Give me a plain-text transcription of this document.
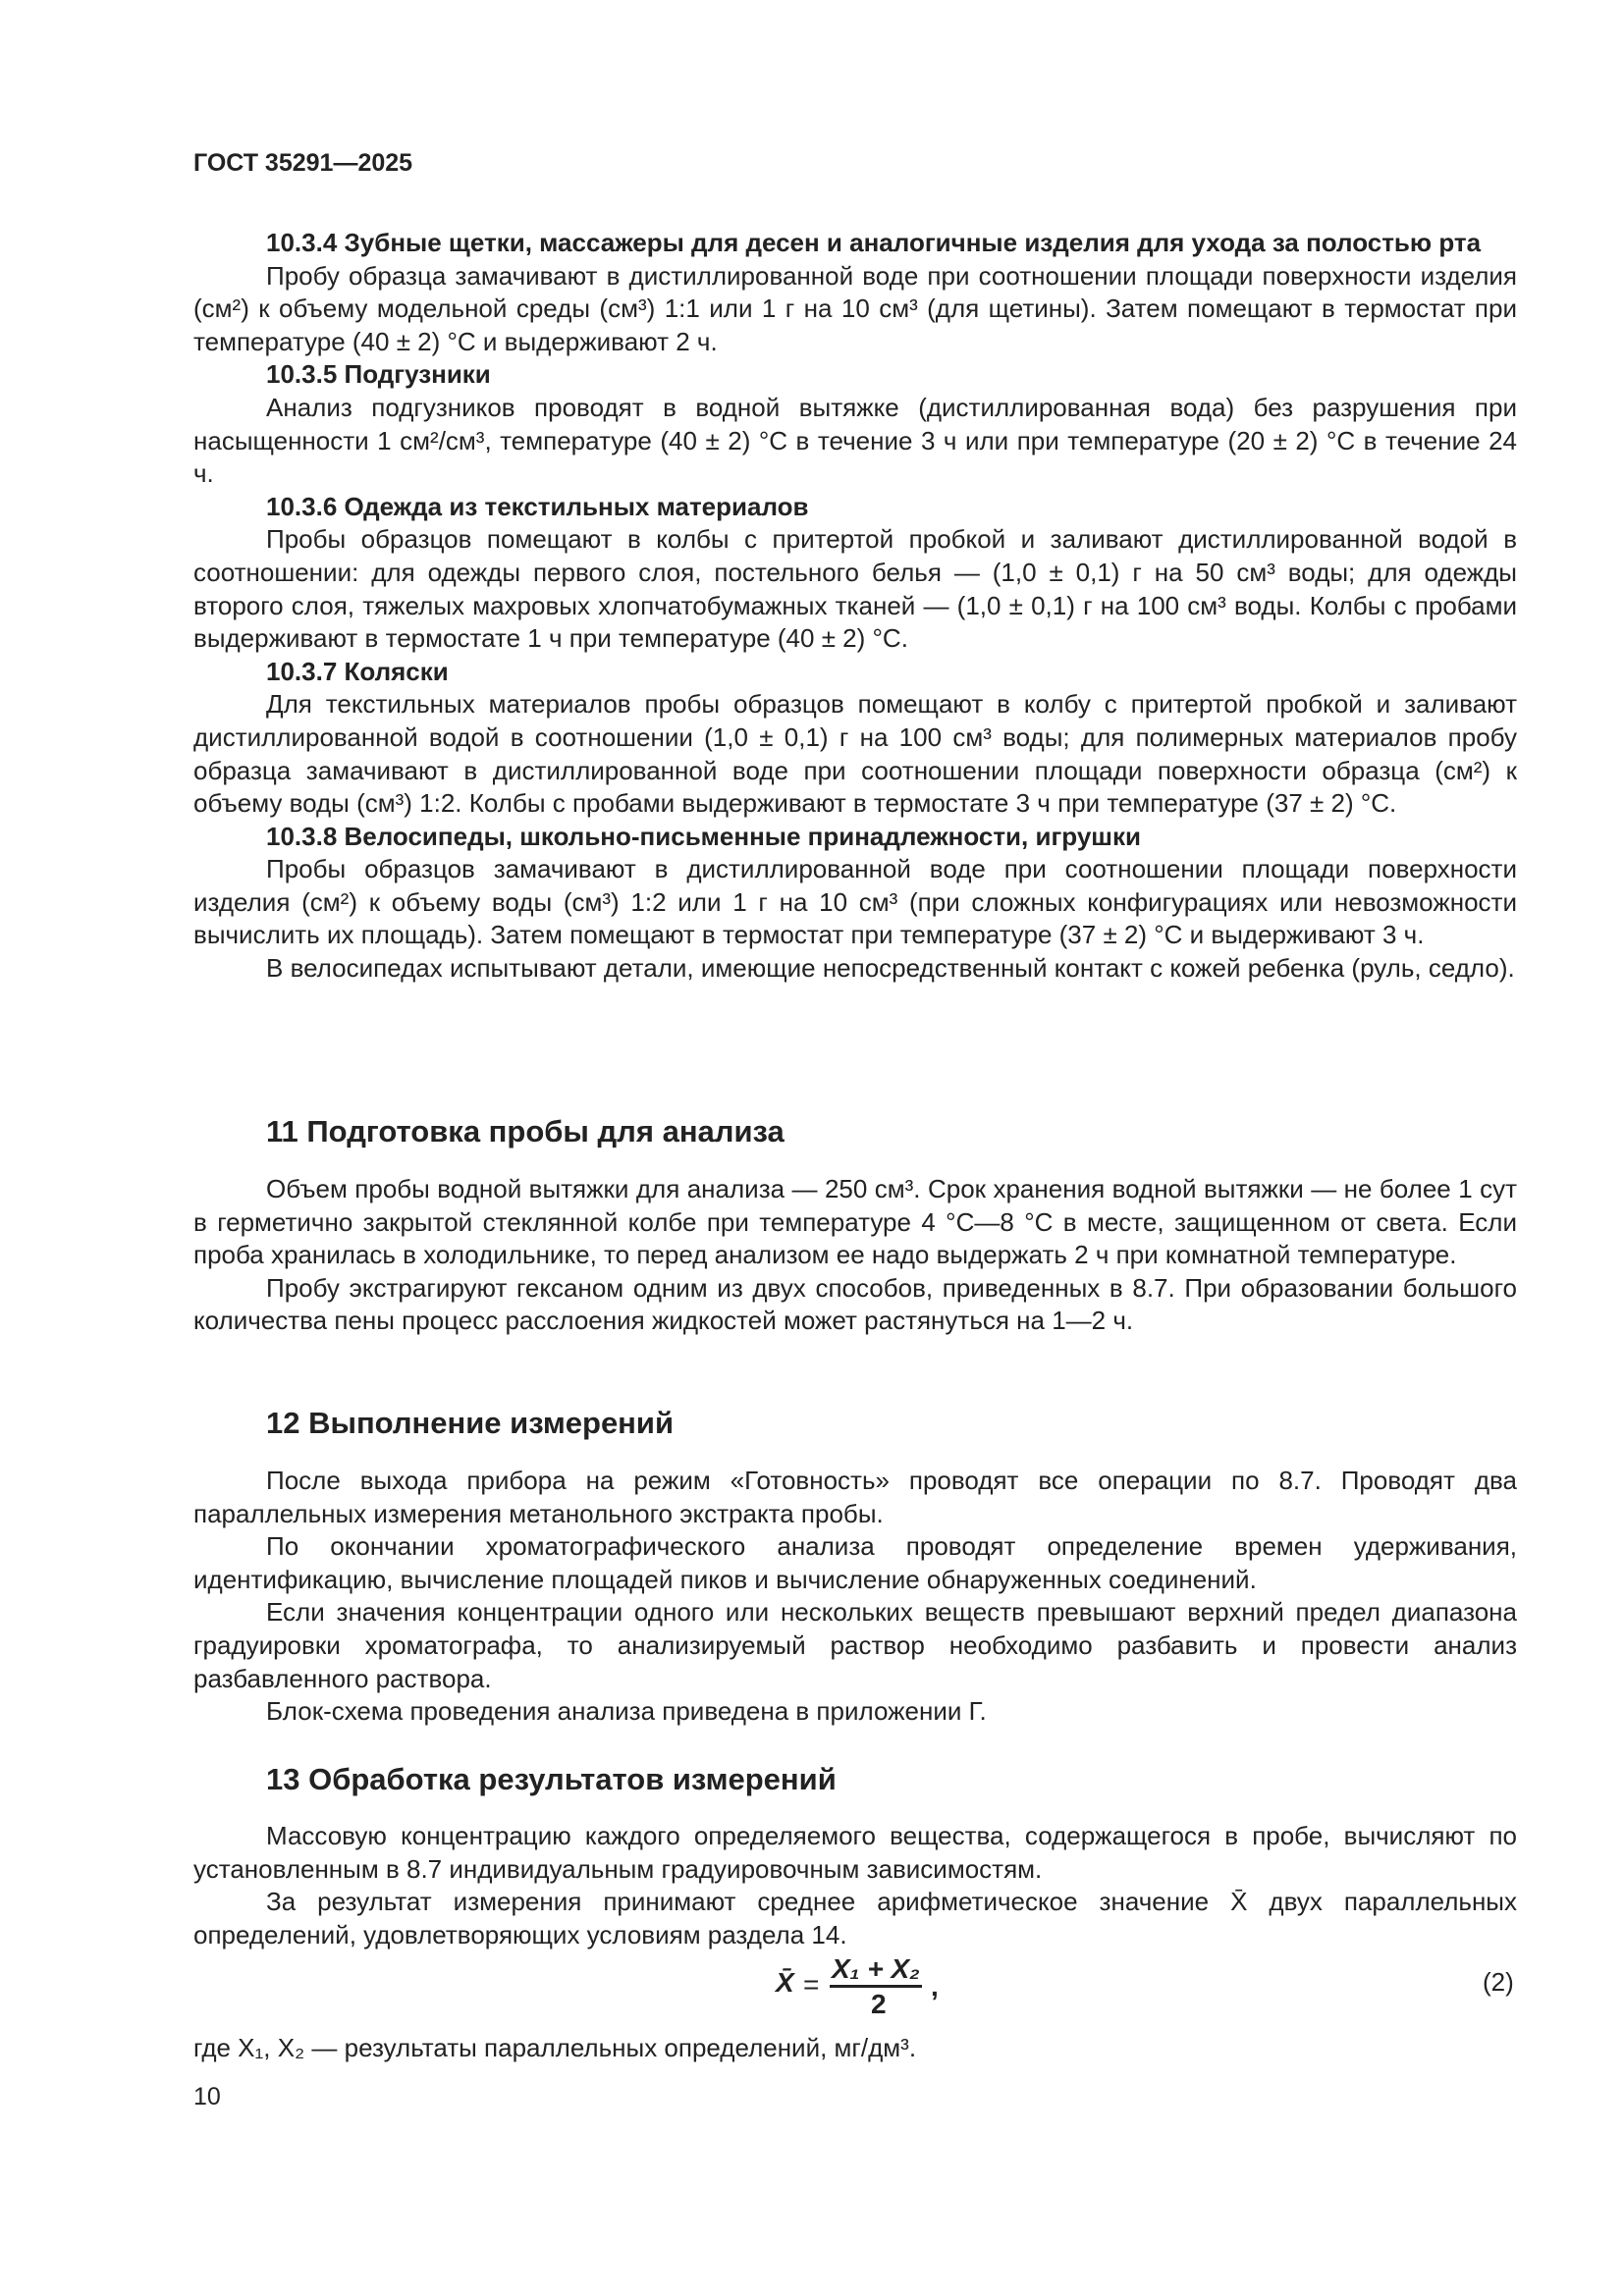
ГОСТ 35291—2025

10.3.4 Зубные щетки, массажеры для десен и аналогичные изделия для ухода за полостью рта

Пробу образца замачивают в дистиллированной воде при соотношении площади поверхности изделия (см²) к объему модельной среды (см³) 1:1 или 1 г на 10 см³ (для щетины). Затем помещают в термостат при температуре (40 ± 2) °С и выдерживают 2 ч.

10.3.5 Подгузники

Анализ подгузников проводят в водной вытяжке (дистиллированная вода) без разрушения при насыщенности 1 см²/см³, температуре (40 ± 2) °С в течение 3 ч или при температуре (20 ± 2) °С в течение 24 ч.

10.3.6 Одежда из текстильных материалов

Пробы образцов помещают в колбы с притертой пробкой и заливают дистиллированной водой в соотношении: для одежды первого слоя, постельного белья — (1,0 ± 0,1) г на 50 см³ воды; для одежды второго слоя, тяжелых махровых хлопчатобумажных тканей — (1,0 ± 0,1) г на 100 см³ воды. Колбы с пробами выдерживают в термостате 1 ч при температуре (40 ± 2) °С.

10.3.7 Коляски

Для текстильных материалов пробы образцов помещают в колбу с притертой пробкой и заливают дистиллированной водой в соотношении (1,0 ± 0,1) г на 100 см³ воды; для полимерных материалов пробу образца замачивают в дистиллированной воде при соотношении площади поверхности образца (см²) к объему воды (см³) 1:2. Колбы с пробами выдерживают в термостате 3 ч при температуре (37 ± 2) °С.

10.3.8 Велосипеды, школьно-письменные принадлежности, игрушки

Пробы образцов замачивают в дистиллированной воде при соотношении площади поверхности изделия (см²) к объему воды (см³) 1:2 или 1 г на 10 см³ (при сложных конфигурациях или невозможности вычислить их площадь). Затем помещают в термостат при температуре (37 ± 2) °С и выдерживают 3 ч.

В велосипедах испытывают детали, имеющие непосредственный контакт с кожей ребенка (руль, седло).

11 Подготовка пробы для анализа

Объем пробы водной вытяжки для анализа — 250 см³. Срок хранения водной вытяжки — не более 1 сут в герметично закрытой стеклянной колбе при температуре 4 °С—8 °С в месте, защищенном от света. Если проба хранилась в холодильнике, то перед анализом ее надо выдержать 2 ч при комнатной температуре.

Пробу экстрагируют гексаном одним из двух способов, приведенных в 8.7. При образовании большого количества пены процесс расслоения жидкостей может растянуться на 1—2 ч.

12 Выполнение измерений

После выхода прибора на режим «Готовность» проводят все операции по 8.7. Проводят два параллельных измерения метанольного экстракта пробы.

По окончании хроматографического анализа проводят определение времен удерживания, идентификацию, вычисление площадей пиков и вычисление обнаруженных соединений.

Если значения концентрации одного или нескольких веществ превышают верхний предел диапазона градуировки хроматографа, то анализируемый раствор необходимо разбавить и провести анализ разбавленного раствора.

Блок-схема проведения анализа приведена в приложении Г.

13 Обработка результатов измерений

Массовую концентрацию каждого определяемого вещества, содержащегося в пробе, вычисляют по установленным в 8.7 индивидуальным градуировочным зависимостям.

За результат измерения принимают среднее арифметическое значение X̄ двух параллельных определений, удовлетворяющих условиям раздела 14.

X̄ =
X₁ + X₂
2
,	(2)
где X₁, X₂ — результаты параллельных определений, мг/дм³.
10
